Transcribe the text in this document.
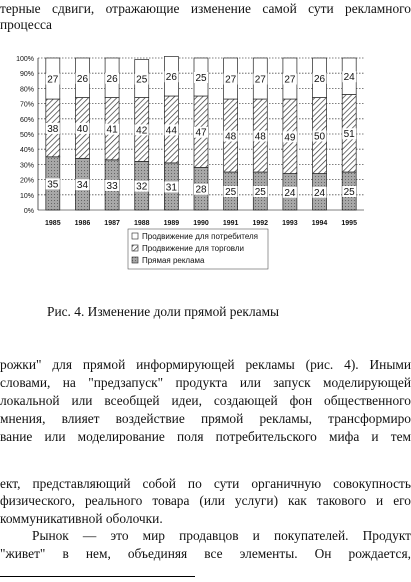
терные сдвиги, отражающие изменение самой сути рекламного
процесса
0%
10%
20%
30%
40%
50%
60%
70%
80%
90%
100%
35
38
27
34
40
26
33
41
26
32
42
25
31
44
26
28
47
25
25
48
27
25
48
27
24
49
27
24
50
26
25
51
24
1985 1986 1987 1988 1989 1990 1991 1992 1993 1994 1995
Продвижение для потребителя
Продвижение для торговли
Прямая реклама
Рис. 4. Изменение доли прямой рекламы
рожки" для прямой информирующей рекламы (рис. 4). Иными
словами, на "предзапуск" продукта или запуск моделирующей
локальной или всеобщей идеи, создающей фон общественного
мнения, влияет воздействие прямой рекламы, трансформиро
вание или моделирование поля потребительского мифа и тем
ект, представляющий собой по сути органичную совокупность
физического, реального товара (или услуги) как такового и его
коммуникативной оболочки.
Рынок — это мир продавцов и покупателей. Продукт
"живет" в нем, объединяя все элементы. Он рождается,
